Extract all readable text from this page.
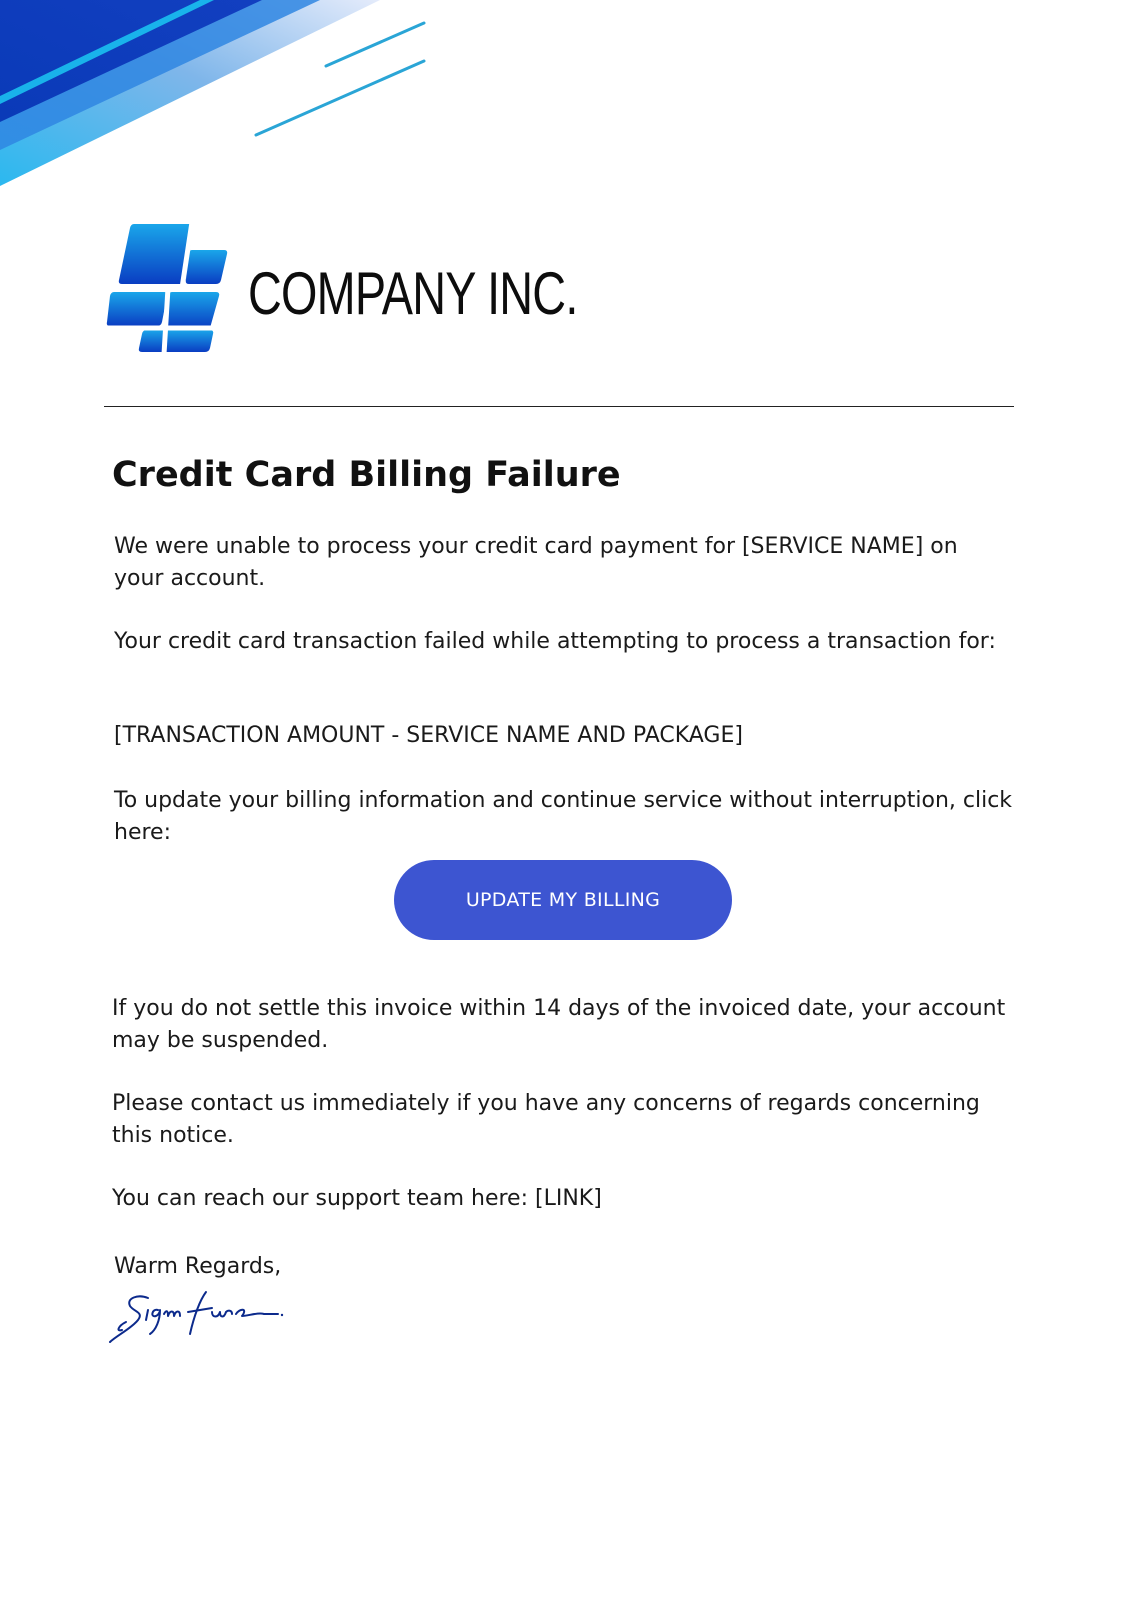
COMPANY INC.
Credit Card Billing Failure

We were unable to process your credit card payment for [SERVICE NAME] on your account.

Your credit card transaction failed while attempting to process a transaction for:

[TRANSACTION AMOUNT - SERVICE NAME AND PACKAGE]

To update your billing information and continue service without interruption, click here:

UPDATE MY BILLING

If you do not settle this invoice within 14 days of the invoiced date, your account may be suspended.

Please contact us immediately if you have any concerns of regards concerning this notice.

You can reach our support team here: [LINK]

Warm Regards,
